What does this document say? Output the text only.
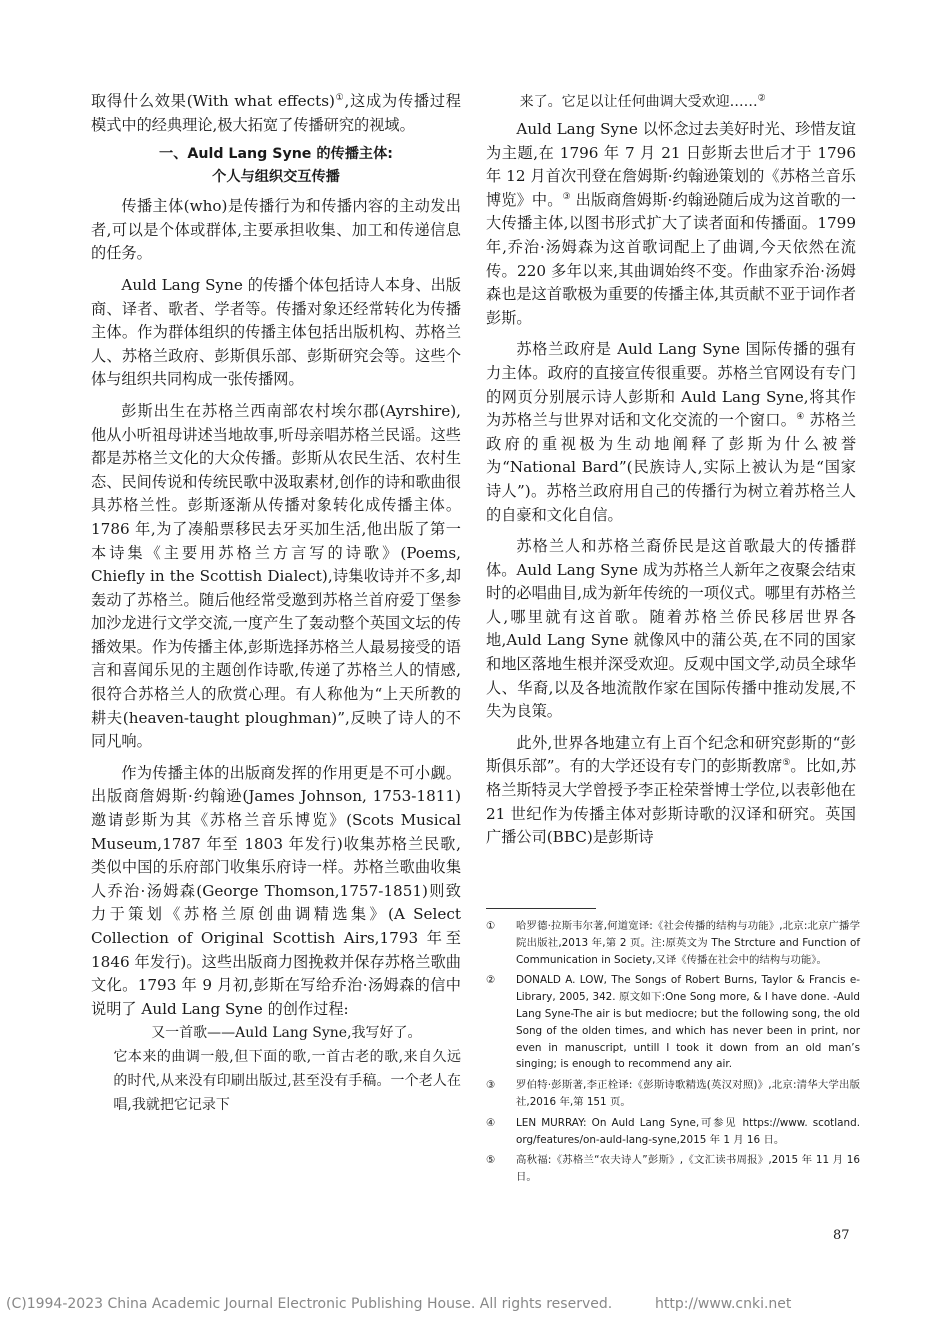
取得什么效果(With what effects)①,这成为传播过程模式中的经典理论,极大拓宽了传播研究的视域。

一、Auld Lang Syne 的传播主体:
个人与组织交互传播

传播主体(who)是传播行为和传播内容的主动发出者,可以是个体或群体,主要承担收集、加工和传递信息的任务。

Auld Lang Syne 的传播个体包括诗人本身、出版商、译者、歌者、学者等。传播对象还经常转化为传播主体。作为群体组织的传播主体包括出版机构、苏格兰人、苏格兰政府、彭斯俱乐部、彭斯研究会等。这些个体与组织共同构成一张传播网。

彭斯出生在苏格兰西南部农村埃尔郡(Ayrshire),他从小听祖母讲述当地故事,听母亲唱苏格兰民谣。这些都是苏格兰文化的大众传播。彭斯从农民生活、农村生态、民间传说和传统民歌中汲取素材,创作的诗和歌曲很具苏格兰性。彭斯逐渐从传播对象转化成传播主体。1786 年,为了凑船票移民去牙买加生活,他出版了第一本诗集《主要用苏格兰方言写的诗歌》(Poems, Chiefly in the Scottish Dialect),诗集收诗并不多,却轰动了苏格兰。随后他经常受邀到苏格兰首府爱丁堡参加沙龙进行文学交流,一度产生了轰动整个英国文坛的传播效果。作为传播主体,彭斯选择苏格兰人最易接受的语言和喜闻乐见的主题创作诗歌,传递了苏格兰人的情感,很符合苏格兰人的欣赏心理。有人称他为“上天所教的耕夫(heaven-taught ploughman)”,反映了诗人的不同凡响。

作为传播主体的出版商发挥的作用更是不可小觑。出版商詹姆斯·约翰逊(James Johnson, 1753-1811)邀请彭斯为其《苏格兰音乐博览》(Scots Musical Museum,1787 年至 1803 年发行)收集苏格兰民歌,类似中国的乐府部门收集乐府诗一样。苏格兰歌曲收集人乔治·汤姆森(George Thomson,1757-1851)则致力于策划《苏格兰原创曲调精选集》(A Select Collection of Original Scottish Airs,1793 年至 1846 年发行)。这些出版商力图挽救并保存苏格兰歌曲文化。1793 年 9 月初,彭斯在写给乔治·汤姆森的信中说明了 Auld Lang Syne 的创作过程:

又一首歌——Auld Lang Syne,我写好了。

它本来的曲调一般,但下面的歌,一首古老的歌,来自久远的时代,从来没有印刷出版过,甚至没有手稿。一个老人在唱,我就把它记录下

来了。它足以让任何曲调大受欢迎……②

Auld Lang Syne 以怀念过去美好时光、珍惜友谊为主题,在 1796 年 7 月 21 日彭斯去世后才于 1796 年 12 月首次刊登在詹姆斯·约翰逊策划的《苏格兰音乐博览》中。③ 出版商詹姆斯·约翰逊随后成为这首歌的一大传播主体,以图书形式扩大了读者面和传播面。1799 年,乔治·汤姆森为这首歌词配上了曲调,今天依然在流传。220 多年以来,其曲调始终不变。作曲家乔治·汤姆森也是这首歌极为重要的传播主体,其贡献不亚于词作者彭斯。

苏格兰政府是 Auld Lang Syne 国际传播的强有力主体。政府的直接宣传很重要。苏格兰官网设有专门的网页分别展示诗人彭斯和 Auld Lang Syne,将其作为苏格兰与世界对话和文化交流的一个窗口。④ 苏格兰政府的重视极为生动地阐释了彭斯为什么被誉为“National Bard”(民族诗人,实际上被认为是“国家诗人”)。苏格兰政府用自己的传播行为树立着苏格兰人的自豪和文化自信。

苏格兰人和苏格兰裔侨民是这首歌最大的传播群体。Auld Lang Syne 成为苏格兰人新年之夜聚会结束时的必唱曲目,成为新年传统的一项仪式。哪里有苏格兰人,哪里就有这首歌。随着苏格兰侨民移居世界各地,Auld Lang Syne 就像风中的蒲公英,在不同的国家和地区落地生根并深受欢迎。反观中国文学,动员全球华人、华裔,以及各地流散作家在国际传播中推动发展,不失为良策。

此外,世界各地建立有上百个纪念和研究彭斯的“彭斯俱乐部”。有的大学还设有专门的彭斯教席⑤。比如,苏格兰斯特灵大学曾授予李正栓荣誉博士学位,以表彰他在 21 世纪作为传播主体对彭斯诗歌的汉译和研究。英国广播公司(BBC)是彭斯诗

①	哈罗德·拉斯韦尔著,何道宽译:《社会传播的结构与功能》,北京:北京广播学院出版社,2013 年,第 2 页。注:原英文为 The Strcture and Function of Communication in Society,又译《传播在社会中的结构与功能》。
②	DONALD A. LOW, The Songs of Robert Burns, Taylor & Francis e-Library, 2005, 342. 原文如下:One Song more, & I have done. -Auld Lang Syne-The air is but mediocre; but the following song, the old Song of the olden times, and which has never been in print, nor even in manuscript, untill I took it down from an old man’s singing; is enough to recommend any air.
③	罗伯特·彭斯著,李正栓译:《彭斯诗歌精选(英汉对照)》,北京:清华大学出版社,2016 年,第 151 页。
④	LEN MURRAY: On Auld Lang Syne,可参见 https://www. scotland. org/features/on-auld-lang-syne,2015 年 1 月 16 日。
⑤	高秋福:《苏格兰“农夫诗人”彭斯》,《文汇读书周报》,2015 年 11 月 16 日。
87
(C)1994-2023 China Academic Journal Electronic Publishing House. All rights reserved.	http://www.cnki.net
